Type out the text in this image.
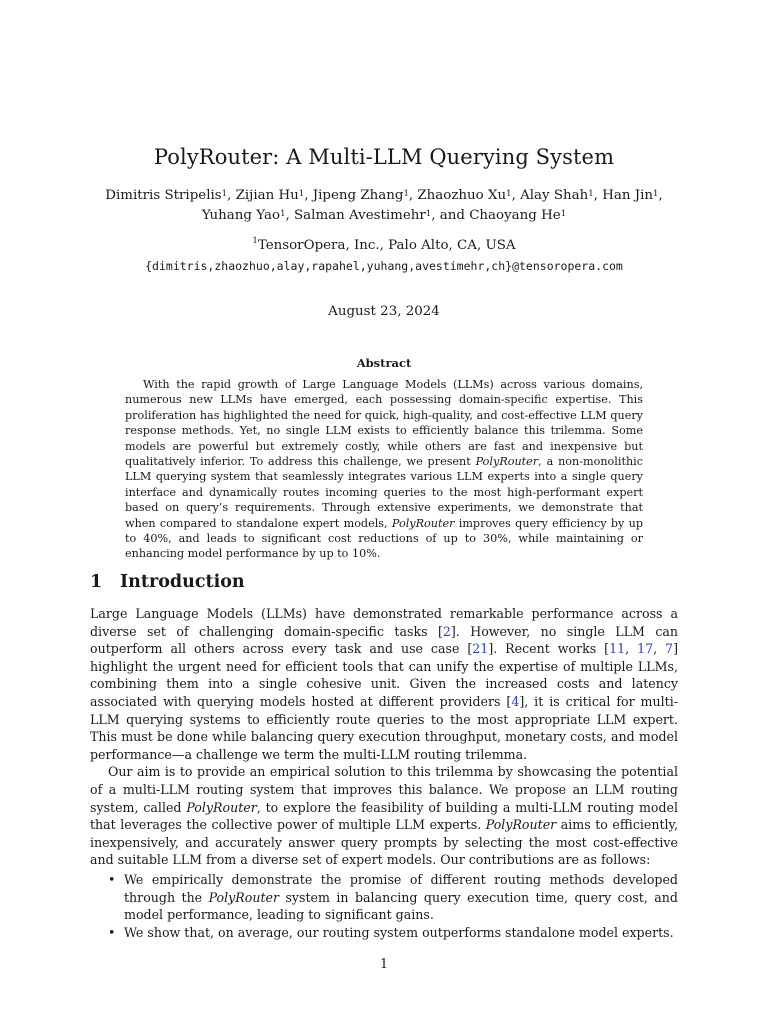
PolyRouter: A Multi-LLM Querying System
Dimitris Stripelis$^1$, Zijian Hu$^1$, Jipeng Zhang$^1$, Zhaozhuo Xu$^1$, Alay Shah$^1$, Han Jin$^1$,
Yuhang Yao$^1$, Salman Avestimehr$^1$, and Chaoyang He$^1$
$^1$TensorOpera, Inc., Palo Alto, CA, USA
{dimitris,zhaozhuo,alay,rapahel,yuhang,avestimehr,ch}@tensoropera.com
August 23, 2024
Abstract
With the rapid growth of Large Language Models (LLMs) across various domains, numerous new LLMs have emerged, each possessing domain-specific expertise. This proliferation has highlighted the need for quick, high-quality, and cost-effective LLM query response methods. Yet, no single LLM exists to efficiently balance this trilemma. Some models are powerful but extremely costly, while others are fast and inexpensive but qualitatively inferior. To address this challenge, we present PolyRouter, a non-monolithic LLM querying system that seamlessly integrates various LLM experts into a single query interface and dynamically routes incoming queries to the most high-performant expert based on query’s requirements. Through extensive experiments, we demonstrate that when compared to standalone expert models, PolyRouter improves query efficiency by up to 40%, and leads to significant cost reductions of up to 30%, while maintaining or enhancing model performance by up to 10%.
1 Introduction

Large Language Models (LLMs) have demonstrated remarkable performance across a diverse set of challenging domain-specific tasks [2]. However, no single LLM can outperform all others across every task and use case [21]. Recent works [11, 17, 7] highlight the urgent need for efficient tools that can unify the expertise of multiple LLMs, combining them into a single cohesive unit. Given the increased costs and latency associated with querying models hosted at different providers [4], it is critical for multi-LLM querying systems to efficiently route queries to the most appropriate LLM expert. This must be done while balancing query execution throughput, monetary costs, and model performance—a challenge we term the multi-LLM routing trilemma.

Our aim is to provide an empirical solution to this trilemma by showcasing the potential of a multi-LLM routing system that improves this balance. We propose an LLM routing system, called PolyRouter, to explore the feasibility of building a multi-LLM routing model that leverages the collective power of multiple LLM experts. PolyRouter aims to efficiently, inexpensively, and accurately answer query prompts by selecting the most cost-effective and suitable LLM from a diverse set of expert models. Our contributions are as follows:

• We empirically demonstrate the promise of different routing methods developed through the PolyRouter system in balancing query execution time, query cost, and model performance, leading to significant gains.
• We show that, on average, our routing system outperforms standalone model experts.
1
